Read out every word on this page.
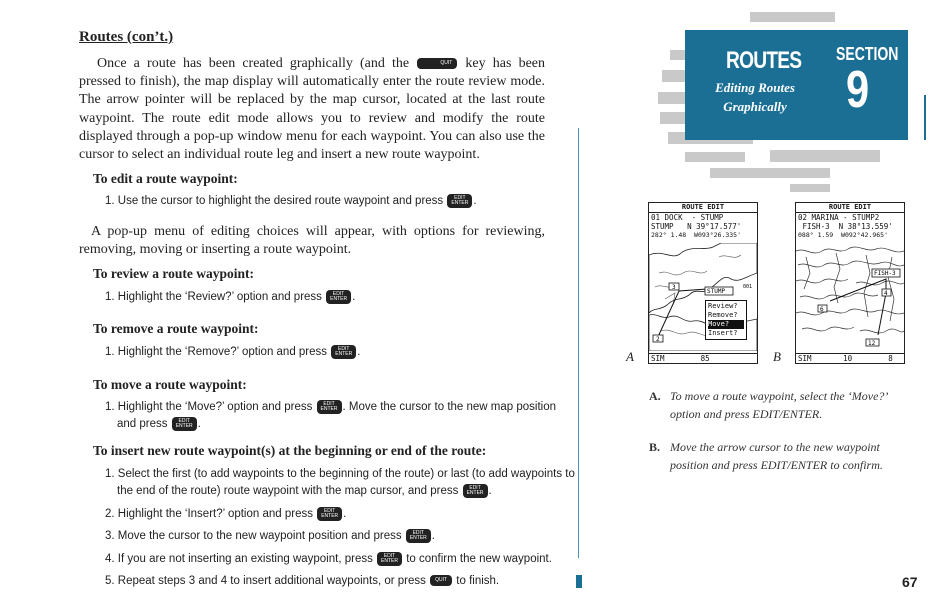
Routes (con’t.)

Once a route has been created graphically (and the	QUIT key has been pressed to finish), the map display will automatically enter the route review mode. The arrow pointer will be replaced by the map cursor, located at the last route waypoint. The route edit mode allows you to review and modify the route displayed through a pop-up window menu for each waypoint. You can also use the cursor to select an individual route leg and insert a new route waypoint.

To edit a route waypoint:
1. Use the cursor to highlight the desired route waypoint and press EDIT
ENTER .

A pop-up menu of editing choices will appear, with options for reviewing, removing, moving or inserting a route waypoint.

To review a route waypoint:
1. Highlight the ‘Review?’ option and press EDIT
ENTER .
To remove a route waypoint:
1. Highlight the ‘Remove?’ option and press EDIT
ENTER .
To move a route waypoint:
1. Highlight the ‘Move?’ option and press EDIT
ENTER . Move the cursor to the new map position
and press EDIT
ENTER .
To insert new route waypoint(s) at the beginning or end of the route:
1. Select the first (to add waypoints to the beginning of the route) or last (to add waypoints to
the end of the route) route waypoint with the map cursor, and press EDIT
ENTER .
2. Highlight the ‘Insert?’ option and press EDIT
ENTER .
3. Move the cursor to the new waypoint position and press EDIT
ENTER .
4. If you are not inserting an existing waypoint, press EDIT
ENTER to confirm the new waypoint.
5. Repeat steps 3 and 4 to insert additional waypoints, or press QUIT to finish.
ROUTES
Editing Routes
Graphically
SECTION
9
ROUTE EDIT
01 DOCK  - STUMP
STUMP   N 39°17.577'
282° 1.48  W093°26.335'
3
2
STUMP
001
Review?
Remove?
Move?
Insert?
SIM        85
ROUTE EDIT
02 MARINA - STUMP2
FISH-3  N 38°13.559'
088° 1.59  W092°42.965'
FISH-3
4
6
12
SIM       10        8
A	B
A. To move a route waypoint, select the ‘Move?’ option and press EDIT/ENTER.
B. Move the arrow cursor to the new waypoint position and press EDIT/ENTER to confirm.
67
